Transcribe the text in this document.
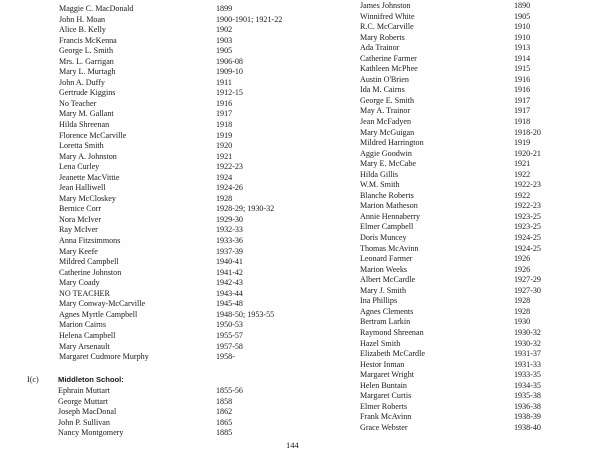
Maggie C. MacDonald	1899
John H. Moan	1900-1901; 1921-22
Alice B. Kelly	1902
Francis McKenna	1903
George L. Smith	1905
Mrs. L. Garrigan	1906-08
Mary L. Murtagh	1909-10
John A. Duffy	1911
Gertrude Kiggins	1912-15
No Teacher	1916
Mary M. Gallant	1917
Hilda Shreenan	1918
Florence McCarville	1919
Loretta Smith	1920
Mary A. Johnston	1921
Lena Curley	1922-23
Jeanette MacVittie	1924
Jean Halliwell	1924-26
Mary McCloskey	1928
Bernice Corr	1928-29; 1930-32
Nora McIver	1929-30
Ray McIver	1932-33
Anna Fitzsimmons	1933-36
Mary Keefe	1937-39
Mildred Campbell	1940-41
Catherine Johnston	1941-42
Mary Coady	1942-43
NO TEACHER	1943-44
Mary Conway-McCarville	1945-48
Agnes Myrtle Campbell	1948-50; 1953-55
Marion Cairns	1950-53
Helena Campbell	1955-57
Mary Arsenault	1957-58
Margaret Cudmore Murphy	1958-
I(c)	Middleton School:
Ephrain Muttart	1855-56
George Muttart	1858
Joseph MacDonal	1862
John P. Sullivan	1865
Nancy Montgomery	1885
James Johnston	1890
Winnifred White	1905
R.C. McCarville	1910
Mary Roberts	1910
Ada Trainor	1913
Catherine Farmer	1914
Kathleen McPhee	1915
Austin O'Brien	1916
Ida M. Cairns	1916
George E. Smith	1917
May A. Trainor	1917
Jean McFadyen	1918
Mary McGuigan	1918-20
Mildred Harrington	1919
Aggie Goodwin	1920-21
Mary E. McCabe	1921
Hilda Gillis	1922
W.M. Smith	1922-23
Blanche Roberts	1922
Marion Matheson	1922-23
Annie Hennaberry	1923-25
Elmer Campbell	1923-25
Doris Muncey	1924-25
Thomas McAvinn	1924-25
Leonard Farmer	1926
Marion Weeks	1926
Albert McCardle	1927-29
Mary J. Smith	1927-30
Ina Phillips	1928
Agnes Clements	1928
Bertram Larkin	1930
Raymond Shreenan	1930-32
Hazel Smith	1930-32
Elizabeth McCardle	1931-37
Hestor Inman	1931-33
Margaret Wright	1933-35
Helen Buntain	1934-35
Margaret Curtis	1935-38
Elmer Roberts	1936-38
Frank McAvinn	1938-39
Grace Webster	1938-40
144
